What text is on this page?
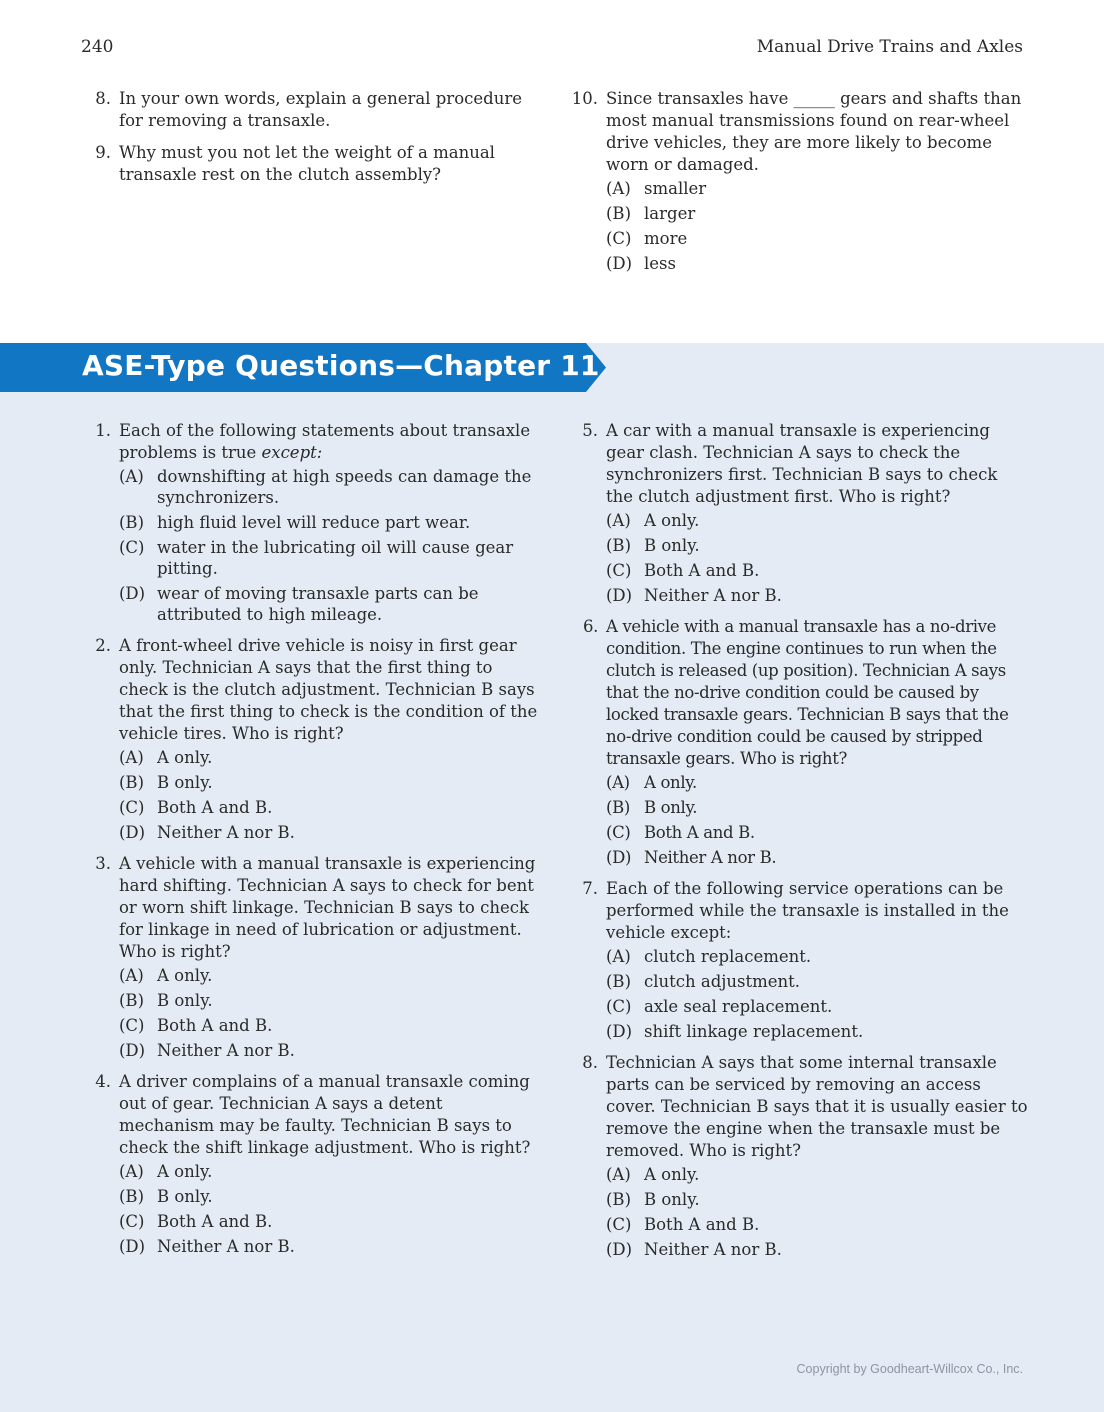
240	Manual Drive Trains and Axles
8. In your own words, explain a general procedure for removing a transaxle.
9. Why must you not let the weight of a manual transaxle rest on the clutch assembly?
10. Since transaxles have _____ gears and shafts than most manual transmissions found on rear-wheel drive vehicles, they are more likely to become worn or damaged.
(A) smaller
(B) larger
(C) more
(D) less
ASE-Type Questions—Chapter 11
1. Each of the following statements about transaxle problems is true except:
(A) downshifting at high speeds can damage the synchronizers.
(B) high fluid level will reduce part wear.
(C) water in the lubricating oil will cause gear pitting.
(D) wear of moving transaxle parts can be attributed to high mileage.
2. A front-wheel drive vehicle is noisy in first gear only. Technician A says that the first thing to check is the clutch adjustment. Technician B says that the first thing to check is the condition of the vehicle tires. Who is right?
(A) A only.
(B) B only.
(C) Both A and B.
(D) Neither A nor B.
3. A vehicle with a manual transaxle is experiencing hard shifting. Technician A says to check for bent or worn shift linkage. Technician B says to check for linkage in need of lubrication or adjustment. Who is right?
(A) A only.
(B) B only.
(C) Both A and B.
(D) Neither A nor B.
4. A driver complains of a manual transaxle coming out of gear. Technician A says a detent mechanism may be faulty. Technician B says to check the shift linkage adjustment. Who is right?
(A) A only.
(B) B only.
(C) Both A and B.
(D) Neither A nor B.
5. A car with a manual transaxle is experiencing gear clash. Technician A says to check the synchronizers first. Technician B says to check the clutch adjustment first. Who is right?
(A) A only.
(B) B only.
(C) Both A and B.
(D) Neither A nor B.
6. A vehicle with a manual transaxle has a no-drive condition. The engine continues to run when the clutch is released (up position). Technician A says that the no-drive condition could be caused by locked transaxle gears. Technician B says that the no-drive condition could be caused by stripped transaxle gears. Who is right?
(A) A only.
(B) B only.
(C) Both A and B.
(D) Neither A nor B.
7. Each of the following service operations can be performed while the transaxle is installed in the vehicle except:
(A) clutch replacement.
(B) clutch adjustment.
(C) axle seal replacement.
(D) shift linkage replacement.
8. Technician A says that some internal transaxle parts can be serviced by removing an access cover. Technician B says that it is usually easier to remove the engine when the transaxle must be removed. Who is right?
(A) A only.
(B) B only.
(C) Both A and B.
(D) Neither A nor B.
Copyright by Goodheart-Willcox Co., Inc.
